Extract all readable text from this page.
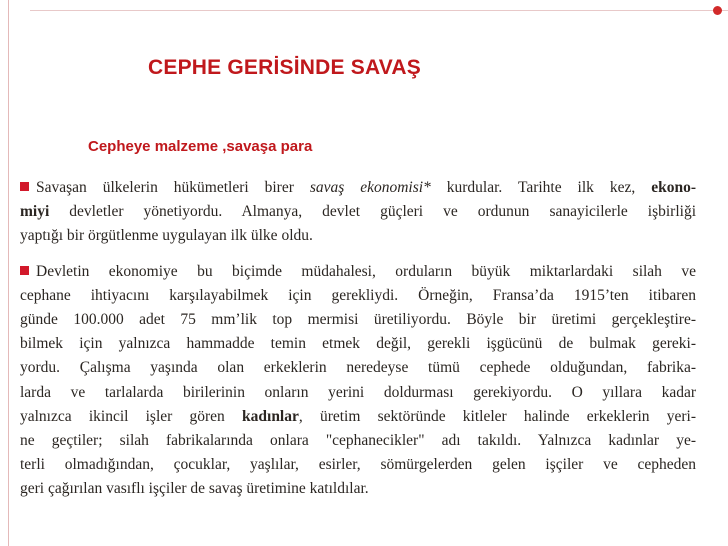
CEPHE GERİSİNDE SAVAŞ
Cepheye malzeme ,savaşa para
Savaşan ülkelerin hükümetleri birer savaş ekonomisi* kurdular. Tarihte ilk kez, ekono-
miyi devletler yönetiyordu. Almanya, devlet güçleri ve ordunun sanayicilerle işbirliği
yaptığı bir örgütlenme uygulayan ilk ülke oldu.
Devletin ekonomiye bu biçimde müdahalesi, orduların büyük miktarlardaki silah ve
cephane ihtiyacını karşılayabilmek için gerekliydi. Örneğin, Fransa’da 1915’ten itibaren
günde 100.000 adet 75 mm’lik top mermisi üretiliyordu. Böyle bir üretimi gerçekleştire-
bilmek için yalnızca hammadde temin etmek değil, gerekli işgücünü de bulmak gereki-
yordu. Çalışma yaşında olan erkeklerin neredeyse tümü cephede olduğundan, fabrika-
larda ve tarlalarda birilerinin onların yerini doldurması gerekiyordu. O yıllara kadar
yalnızca ikincil işler gören kadınlar, üretim sektöründe kitleler halinde erkeklerin yeri-
ne geçtiler; silah fabrikalarında onlara "cephanecikler" adı takıldı. Yalnızca kadınlar ye-
terli olmadığından, çocuklar, yaşlılar, esirler, sömürgelerden gelen işçiler ve cepheden
geri çağırılan vasıflı işçiler de savaş üretimine katıldılar.
